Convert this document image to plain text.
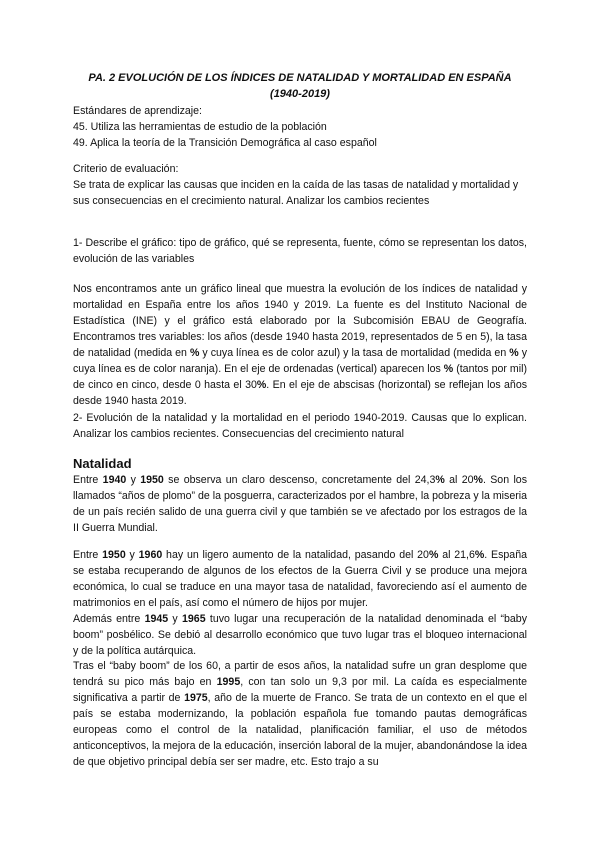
PA. 2 EVOLUCIÓN DE LOS ÍNDICES DE NATALIDAD Y MORTALIDAD EN ESPAÑA (1940-2019)
Estándares de aprendizaje:
45. Utiliza las herramientas de estudio de la población
49. Aplica la teoría de la Transición Demográfica al caso español
Criterio de evaluación:
Se trata de explicar las causas que inciden en la caída de las tasas de natalidad y mortalidad y sus consecuencias en el crecimiento natural. Analizar los cambios recientes

1- Describe el gráfico: tipo de gráfico, qué se representa, fuente, cómo se representan los datos, evolución de las variables

Nos encontramos ante un gráfico lineal que muestra la evolución de los índices de natalidad y mortalidad en España entre los años 1940 y 2019. La fuente es del Instituto Nacional de Estadística (INE) y el gráfico está elaborado por la Subcomisión EBAU de Geografía. Encontramos tres variables: los años (desde 1940 hasta 2019, representados de 5 en 5), la tasa de natalidad (medida en % y cuya línea es de color azul) y la tasa de mortalidad (medida en % y cuya línea es de color naranja). En el eje de ordenadas (vertical) aparecen los % (tantos por mil) de cinco en cinco, desde 0 hasta el 30%. En el eje de abscisas (horizontal) se reflejan los años desde 1940 hasta 2019.

2- Evolución de la natalidad y la mortalidad en el periodo 1940-2019. Causas que lo explican. Analizar los cambios recientes. Consecuencias del crecimiento natural

Natalidad

Entre 1940 y 1950 se observa un claro descenso, concretamente del 24,3% al 20%. Son los llamados “años de plomo” de la posguerra, caracterizados por el hambre, la pobreza y la miseria de un país recién salido de una guerra civil y que también se ve afectado por los estragos de la II Guerra Mundial.

Entre 1950 y 1960 hay un ligero aumento de la natalidad, pasando del 20% al 21,6%. España se estaba recuperando de algunos de los efectos de la Guerra Civil y se produce una mejora económica, lo cual se traduce en una mayor tasa de natalidad, favoreciendo así el aumento de matrimonios en el país, así como el número de hijos por mujer.

Además entre 1945 y 1965 tuvo lugar una recuperación de la natalidad denominada el “baby boom” posbélico. Se debió al desarrollo económico que tuvo lugar tras el bloqueo internacional y de la política autárquica.

Tras el “baby boom” de los 60, a partir de esos años, la natalidad sufre un gran desplome que tendrá su pico más bajo en 1995, con tan solo un 9,3 por mil. La caída es especialmente significativa a partir de 1975, año de la muerte de Franco. Se trata de un contexto en el que el país se estaba modernizando, la población española fue tomando pautas demográficas europeas como el control de la natalidad, planificación familiar, el uso de métodos anticonceptivos, la mejora de la educación, inserción laboral de la mujer, abandonándose la idea de que objetivo principal debía ser ser madre, etc. Esto trajo a su
